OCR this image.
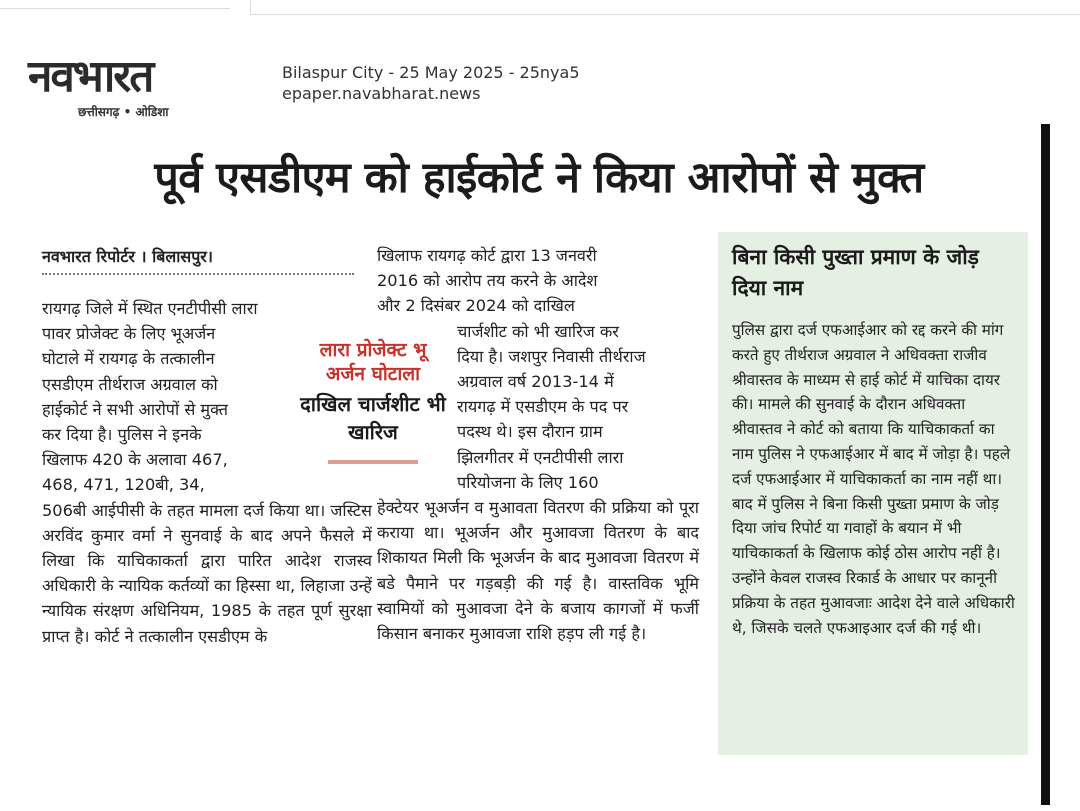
नवभारत
छत्तीसगढ़ • ओडिशा
Bilaspur City - 25 May 2025 - 25nya5
epaper.navabharat.news
पूर्व एसडीएम को हाईकोर्ट ने किया आरोपों से मुक्त
नवभारत रिपोर्टर । बिलासपुर।
रायगढ़ जिले में स्थित एनटीपीसी लारा
पावर प्रोजेक्ट के लिए भूअर्जन
घोटाले में रायगढ़ के तत्कालीन
एसडीएम तीर्थराज अग्रवाल को
हाईकोर्ट ने सभी आरोपों से मुक्त
कर दिया है। पुलिस ने इनके
खिलाफ 420 के अलावा 467,
468, 471, 120बी, 34,

506बी आईपीसी के तहत मामला दर्ज किया था। जस्टिस अरविंद कुमार वर्मा ने सुनवाई के बाद अपने फैसले में लिखा कि याचिकाकर्ता द्वारा पारित आदेश राजस्व अधिकारी के न्यायिक कर्तव्यों का हिस्सा था, लिहाजा उन्हें न्यायिक संरक्षण अधिनियम, 1985 के तहत पूर्ण सुरक्षा प्राप्त है। कोर्ट ने तत्कालीन एसडीएम के

लारा प्रोजेक्ट भू अर्जन घोटाला
दाखिल चार्जशीट भी खारिज
खिलाफ रायगढ़ कोर्ट द्वारा 13 जनवरी
2016 को आरोप तय करने के आदेश
और 2 दिसंबर 2024 को दाखिल
चार्जशीट को भी खारिज कर
दिया है। जशपुर निवासी तीर्थराज
अग्रवाल वर्ष 2013-14 में
रायगढ़ में एसडीएम के पद पर
पदस्थ थे। इस दौरान ग्राम
झिलगीतर में एनटीपीसी लारा
परियोजना के लिए 160

हेक्टेयर भूअर्जन व मुआवता वितरण की प्रक्रिया को पूरा कराया था। भूअर्जन और मुआवजा वितरण के बाद शिकायत मिली कि भूअर्जन के बाद मुआवजा वितरण में बडे पैमाने पर गड़बड़ी की गई है। वास्तविक भूमि स्वामियों को मुआवजा देने के बजाय कागजों में फर्जी किसान बनाकर मुआवजा राशि हड़प ली गई है।

बिना किसी पुख्ता प्रमाण के जोड़ दिया नाम
पुलिस द्वारा दर्ज एफआईआर को रद्द करने की मांग करते हुए तीर्थराज अग्रवाल ने अधिवक्ता राजीव श्रीवास्तव के माध्यम से हाई कोर्ट में याचिका दायर की। मामले की सुनवाई के दौरान अधिवक्ता श्रीवास्तव ने कोर्ट को बताया कि याचिकाकर्ता का नाम पुलिस ने एफआईआर में बाद में जोड़ा है। पहले दर्ज एफआईआर में याचिकाकर्ता का नाम नहीं था। बाद में पुलिस ने बिना किसी पुख्ता प्रमाण के जोड़ दिया जांच रिपोर्ट या गवाहों के बयान में भी याचिकाकर्ता के खिलाफ कोई ठोस आरोप नहीं है। उन्होंने केवल राजस्व रिकार्ड के आधार पर कानूनी प्रक्रिया के तहत मुआवजाः आदेश देने वाले अधिकारी थे, जिसके चलते एफआइआर दर्ज की गई थी।
